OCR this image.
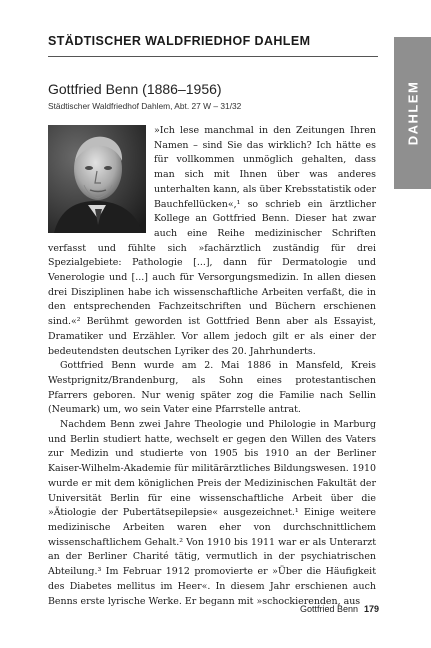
STÄDTISCHER WALDFRIEDHOF DAHLEM
DAHLEM
Gottfried Benn (1886–1956)
Städtischer Waldfriedhof Dahlem, Abt. 27 W – 31/32

»Ich lese manchmal in den Zeitungen Ihren Namen – sind Sie das wirklich? Ich hätte es für vollkommen unmöglich gehalten, dass man sich mit Ihnen über was anderes unterhalten kann, als über Krebsstatistik oder Bauchfellücken«,¹ so schrieb ein ärztlicher Kollege an Gottfried Benn. Dieser hat zwar auch eine Reihe medizinischer Schriften verfasst und fühlte sich »fachärztlich zuständig für drei Spezialgebiete: Pathologie [...], dann für Dermatologie und Venerologie und [...] auch für Versorgungsmedizin. In allen diesen drei Disziplinen habe ich wissenschaftliche Arbeiten verfaßt, die in den entsprechenden Fachzeitschriften und Büchern erschienen sind.«² Berühmt geworden ist Gottfried Benn aber als Essayist, Dramatiker und Erzähler. Vor allem jedoch gilt er als einer der bedeutendsten deutschen Lyriker des 20. Jahrhunderts.

Gottfried Benn wurde am 2. Mai 1886 in Mansfeld, Kreis Westprignitz/Brandenburg, als Sohn eines protestantischen Pfarrers geboren. Nur wenig später zog die Familie nach Sellin (Neumark) um, wo sein Vater eine Pfarrstelle antrat.

Nachdem Benn zwei Jahre Theologie und Philologie in Marburg und Berlin studiert hatte, wechselt er gegen den Willen des Vaters zur Medizin und studierte von 1905 bis 1910 an der Berliner Kaiser-Wilhelm-Akademie für militärärztliches Bildungswesen. 1910 wurde er mit dem königlichen Preis der Medizinischen Fakultät der Universität Berlin für eine wissenschaftliche Arbeit über die »Ätiologie der Pubertätsepilepsie« ausgezeichnet.¹ Einige weitere medizinische Arbeiten waren eher von durchschnittlichem wissenschaftlichem Gehalt.² Von 1910 bis 1911 war er als Unterarzt an der Berliner Charité tätig, vermutlich in der psychiatrischen Abteilung.³ Im Februar 1912 promovierte er »Über die Häufigkeit des Diabetes mellitus im Heer«. In diesem Jahr erschienen auch Benns erste lyrische Werke. Er begann mit »schockierenden, aus

Gottfried Benn 179
